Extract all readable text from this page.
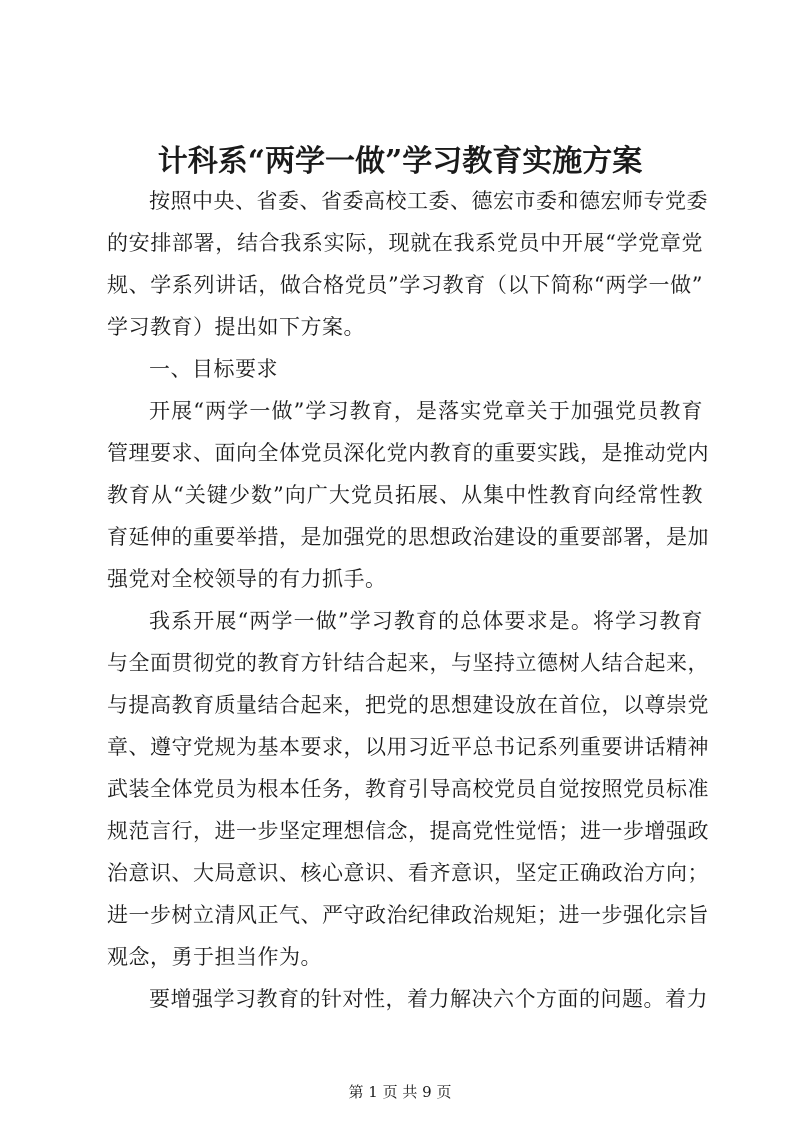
计科系“两学一做”学习教育实施方案
按照中央、省委、省委高校工委、德宏市委和德宏师专党委
的安排部署，结合我系实际，现就在我系党员中开展“学党章党
规、学系列讲话，做合格党员”学习教育（以下简称“两学一做”
学习教育）提出如下方案。
一、目标要求
开展“两学一做”学习教育，是落实党章关于加强党员教育
管理要求、面向全体党员深化党内教育的重要实践，是推动党内
教育从“关键少数”向广大党员拓展、从集中性教育向经常性教
育延伸的重要举措，是加强党的思想政治建设的重要部署，是加
强党对全校领导的有力抓手。
我系开展“两学一做”学习教育的总体要求是。将学习教育
与全面贯彻党的教育方针结合起来，与坚持立德树人结合起来，
与提高教育质量结合起来，把党的思想建设放在首位，以尊崇党
章、遵守党规为基本要求，以用习近平总书记系列重要讲话精神
武装全体党员为根本任务，教育引导高校党员自觉按照党员标准
规范言行，进一步坚定理想信念，提高党性觉悟；进一步增强政
治意识、大局意识、核心意识、看齐意识，坚定正确政治方向；
进一步树立清风正气、严守政治纪律政治规矩；进一步强化宗旨
观念，勇于担当作为。
要增强学习教育的针对性，着力解决六个方面的问题。着力
第 1 页 共 9 页
